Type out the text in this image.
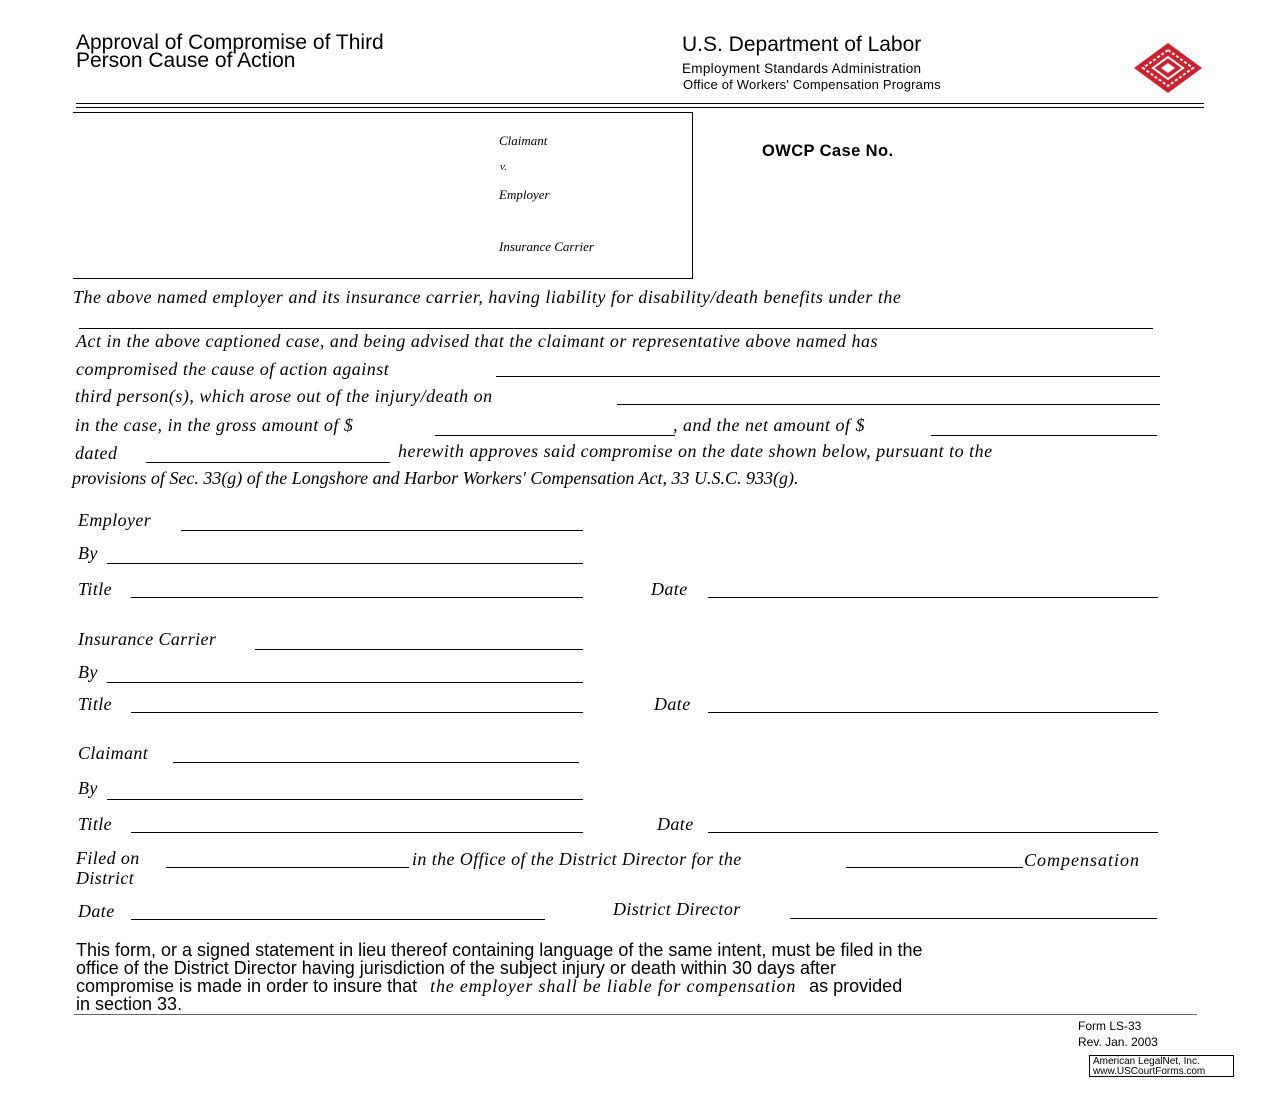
Approval of Compromise of Third
Person Cause of Action
U.S. Department of Labor
Employment Standards Administration
Office of Workers' Compensation Programs
Claimant
v.
Employer
Insurance Carrier
OWCP Case No.
The above named employer and its insurance carrier, having liability for disability/death benefits under the
Act in the above captioned case, and being advised that the claimant or representative above named has
compromised the cause of action against
third person(s), which arose out of the injury/death on
in the case, in the gross amount of $	, and the net amount of $
dated	herewith approves said compromise on the date shown below, pursuant to the
provisions of Sec. 33(g) of the Longshore and Harbor Workers' Compensation Act, 33 U.S.C. 933(g).
Employer
By
Title	Date
Insurance Carrier
By
Title	Date
Claimant
By
Title	Date
Filed on	in the Office of the District Director for the	Compensation
District
Date	District Director
This form, or a signed statement in lieu thereof containing language of the same intent, must be filed in the
office of the District Director having jurisdiction of the subject injury or death within 30 days after
compromise is made in order to insure that the employer shall be liable for compensation as provided
in section 33.
Form LS-33
Rev. Jan. 2003
American LegalNet, Inc.
www.USCourtForms.com
